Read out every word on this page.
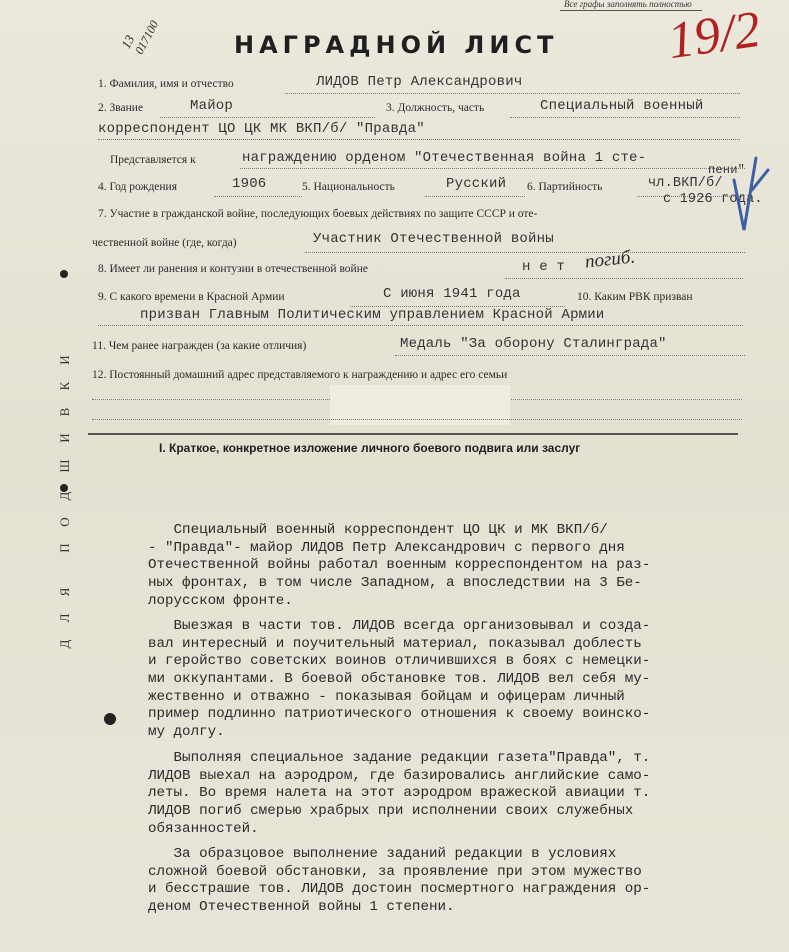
Все графы заполнять полностью
13
017100	19/2
НАГРАДНОЙ ЛИСТ
1. Фамилия, имя и отчество	ЛИДОВ Петр Александрович
2. Звание	Майор	3. Должность, часть	Специальный военный
корреспондент ЦО ЦК МК ВКП/б/ "Правда"
Представляется к	награждению орденом "Отечественная война 1 сте-
пени"
4. Год рождения	1906	5. Национальность	Русский 6. Партийность	чл.ВКП/б/
с 1926 года.
7. Участие в гражданской войне, последующих боевых действиях по защите СССР и оте-
чественной войне (где, когда)	Участник Отечественной войны
8. Имеет ли ранения и контузии в отечественной войне	н е т погиб.
9. С какого времени в Красной Армии	С июня 1941 года	10. Каким РВК призван
призван Главным Политическим управлением Красной Армии
11. Чем ранее награжден (за какие отличия)	Медаль "За оборону Сталинграда"
12. Постоянный домашний адрес представляемого к награждению и адрес его семьи
Д
Л
Я
П
О
Д
Ш
И
В
К
И
I. Краткое, конкретное изложение личного боевого подвига или заслуг

Специальный военный корреспондент ЦО ЦК и МК ВКП/б/
- "Правда"- майор ЛИДОВ Петр Александрович с первого дня
Отечественной войны работал военным корреспондентом на раз-
ных фронтах, в том числе Западном, а впоследствии на 3 Бе-
лорусском фронте.

Выезжая в части тов. ЛИДОВ всегда организовывал и созда-
вал интересный и поучительный материал, показывал доблесть
и геройство советских воинов отличившихся в боях с немецки-
ми оккупантами. В боевой обстановке тов. ЛИДОВ вел себя му-
жественно и отважно - показывая бойцам и офицерам личный
пример подлинно патриотического отношения к своему воинско-
му долгу.

Выполняя специальное задание редакции газета"Правда", т.
ЛИДОВ выехал на аэродром, где базировались английские само-
леты. Во время налета на этот аэродром вражеской авиации т.
ЛИДОВ погиб смерью храбрых при исполнении своих служебных
обязанностей.

За образцовое выполнение заданий редакции в условиях
сложной боевой обстановки, за проявление при этом мужество
и бесстрашие тов. ЛИДОВ достоин посмертного награждения ор-
деном Отечественной войны 1 степени.
